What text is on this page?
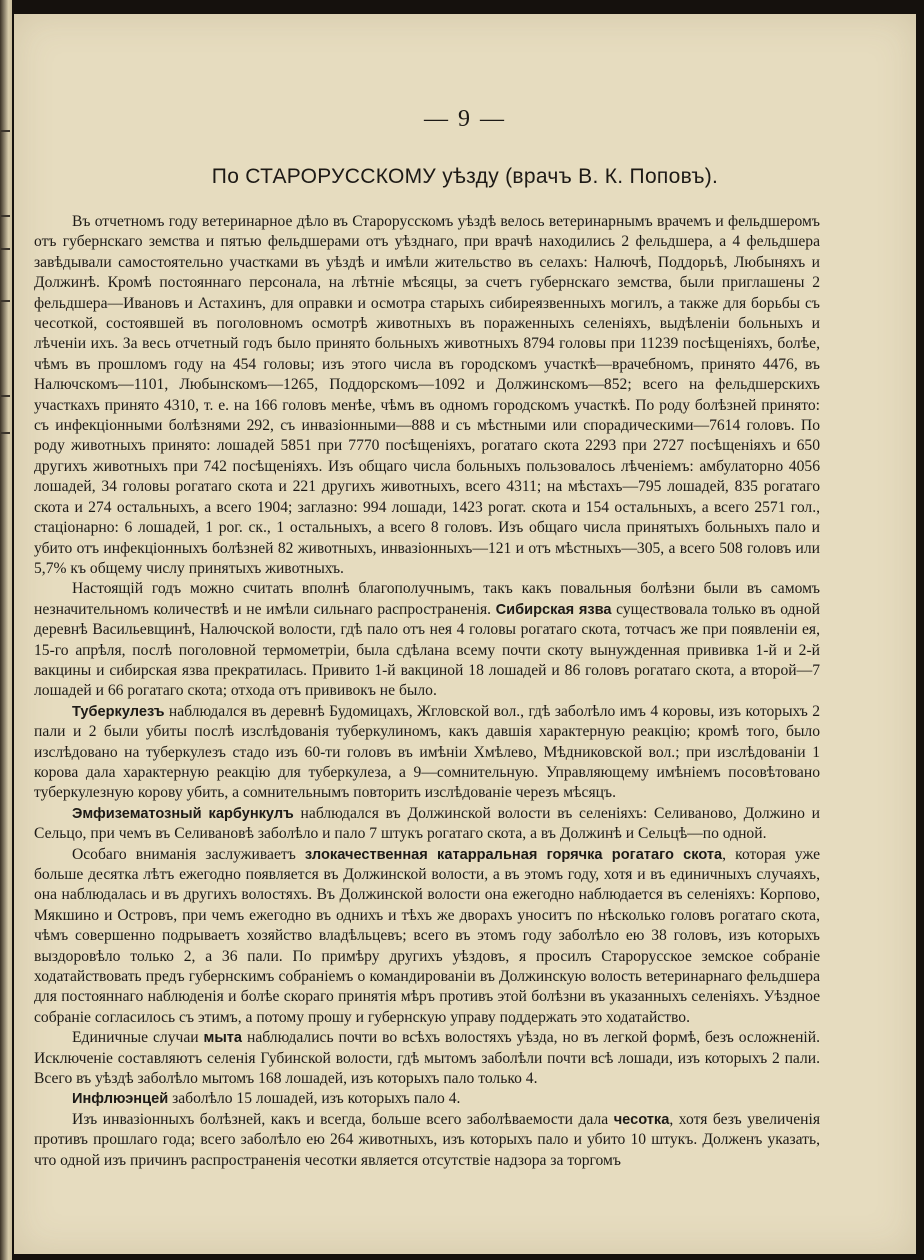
— 9 —
По СТАРОРУССКОМУ уѣзду (врачъ В. К. Поповъ).

Въ отчетномъ году ветеринарное дѣло въ Старорусскомъ уѣздѣ велось ветеринарнымъ врачемъ и фельдшеромъ отъ губернскаго земства и пятью фельдшерами отъ уѣзднаго, при врачѣ находились 2 фельдшера, а 4 фельдшера завѣдывали самостоятельно участками въ уѣздѣ и имѣли жительство въ селахъ: Налючѣ, Поддорьѣ, Любыняхъ и Должинѣ. Кромѣ постояннаго персонала, на лѣтніе мѣсяцы, за счетъ губернскаго земства, были приглашены 2 фельдшера—Ивановъ и Астахинъ, для оправки и осмотра старыхъ сибиреязвенныхъ могилъ, а также для борьбы съ чесоткой, состоявшей въ поголовномъ осмотрѣ животныхъ въ пораженныхъ селеніяхъ, выдѣленіи больныхъ и лѣченіи ихъ. За весь отчетный годъ было принято больныхъ животныхъ 8794 головы при 11239 посѣщеніяхъ, болѣе, чѣмъ въ прошломъ году на 454 головы; изъ этого числа въ городскомъ участкѣ—врачебномъ, принято 4476, въ Налючскомъ—1101, Любынскомъ—1265, Поддорскомъ—1092 и Должинскомъ—852; всего на фельдшерскихъ участкахъ принято 4310, т. е. на 166 головъ менѣе, чѣмъ въ одномъ городскомъ участкѣ. По роду болѣзней принято: съ инфекціонными болѣзнями 292, съ инвазіонными—888 и съ мѣстными или спорадическими—7614 головъ. По роду животныхъ принято: лошадей 5851 при 7770 посѣщеніяхъ, рогатаго скота 2293 при 2727 посѣщеніяхъ и 650 другихъ животныхъ при 742 посѣщеніяхъ. Изъ общаго числа больныхъ пользовалось лѣченіемъ: амбулаторно 4056 лошадей, 34 головы рогатаго скота и 221 другихъ животныхъ, всего 4311; на мѣстахъ—795 лошадей, 835 рогатаго скота и 274 остальныхъ, а всего 1904; заглазно: 994 лошади, 1423 рогат. скота и 154 остальныхъ, а всего 2571 гол., стаціонарно: 6 лошадей, 1 рог. ск., 1 остальныхъ, а всего 8 головъ. Изъ общаго числа принятыхъ больныхъ пало и убито отъ инфекціонныхъ болѣзней 82 животныхъ, инвазіонныхъ—121 и отъ мѣстныхъ—305, а всего 508 головъ или 5,7% къ общему числу принятыхъ животныхъ.

Настоящій годъ можно считать вполнѣ благополучнымъ, такъ какъ повальныя болѣзни были въ самомъ незначительномъ количествѣ и не имѣли сильнаго распространенія. Сибирская язва существовала только въ одной деревнѣ Васильевщинѣ, Налючской волости, гдѣ пало отъ нея 4 головы рогатаго скота, тотчасъ же при появленіи ея, 15-го апрѣля, послѣ поголовной термометріи, была сдѣлана всему почти скоту вынужденная прививка 1-й и 2-й вакцины и сибирская язва прекратилась. Привито 1-й вакциной 18 лошадей и 86 головъ рогатаго скота, а второй—7 лошадей и 66 рогатаго скота; отхода отъ прививокъ не было.

Туберкулезъ наблюдался въ деревнѣ Будомицахъ, Жгловской вол., гдѣ заболѣло имъ 4 коровы, изъ которыхъ 2 пали и 2 были убиты послѣ изслѣдованія туберкулиномъ, какъ давшія характерную реакцію; кромѣ того, было изслѣдовано на туберкулезъ стадо изъ 60-ти головъ въ имѣніи Хмѣлево, Мѣдниковской вол.; при изслѣдованіи 1 корова дала характерную реакцію для туберкулеза, а 9—сомнительную. Управляющему имѣніемъ посовѣтовано туберкулезную корову убить, а сомнительнымъ повторить изслѣдованіе черезъ мѣсяцъ.

Эмфизематозный карбункулъ наблюдался въ Должинской волости въ селеніяхъ: Селиваново, Должино и Сельцо, при чемъ въ Селивановѣ заболѣло и пало 7 штукъ рогатаго скота, а въ Должинѣ и Сельцѣ—по одной.

Особаго вниманія заслуживаетъ злокачественная катарральная горячка рогатаго скота, которая уже больше десятка лѣтъ ежегодно появляется въ Должинской волости, а въ этомъ году, хотя и въ единичныхъ случаяхъ, она наблюдалась и въ другихъ волостяхъ. Въ Должинской волости она ежегодно наблюдается въ селеніяхъ: Корпово, Мякшино и Островъ, при чемъ ежегодно въ однихъ и тѣхъ же дворахъ уноситъ по нѣсколько головъ рогатаго скота, чѣмъ совершенно подрываетъ хозяйство владѣльцевъ; всего въ этомъ году заболѣло ею 38 головъ, изъ которыхъ выздоровѣло только 2, а 36 пали. По примѣру другихъ уѣздовъ, я просилъ Старорусское земское собраніе ходатайствовать предъ губернскимъ собраніемъ о командированіи въ Должинскую волость ветеринарнаго фельдшера для постояннаго наблюденія и болѣе скораго принятія мѣръ противъ этой болѣзни въ указанныхъ селеніяхъ. Уѣздное собраніе согласилось съ этимъ, а потому прошу и губернскую управу поддержать это ходатайство.

Единичные случаи мыта наблюдались почти во всѣхъ волостяхъ уѣзда, но въ легкой формѣ, безъ осложненій. Исключеніе составляютъ селенія Губинской волости, гдѣ мытомъ заболѣли почти всѣ лошади, изъ которыхъ 2 пали. Всего въ уѣздѣ заболѣло мытомъ 168 лошадей, изъ которыхъ пало только 4.

Инфлюэнцей заболѣло 15 лошадей, изъ которыхъ пало 4.

Изъ инвазіонныхъ болѣзней, какъ и всегда, больше всего заболѣваемости дала чесотка, хотя безъ увеличенія противъ прошлаго года; всего заболѣло ею 264 животныхъ, изъ которыхъ пало и убито 10 штукъ. Долженъ указать, что одной изъ причинъ распространенія чесотки является отсутствіе надзора за торгомъ
